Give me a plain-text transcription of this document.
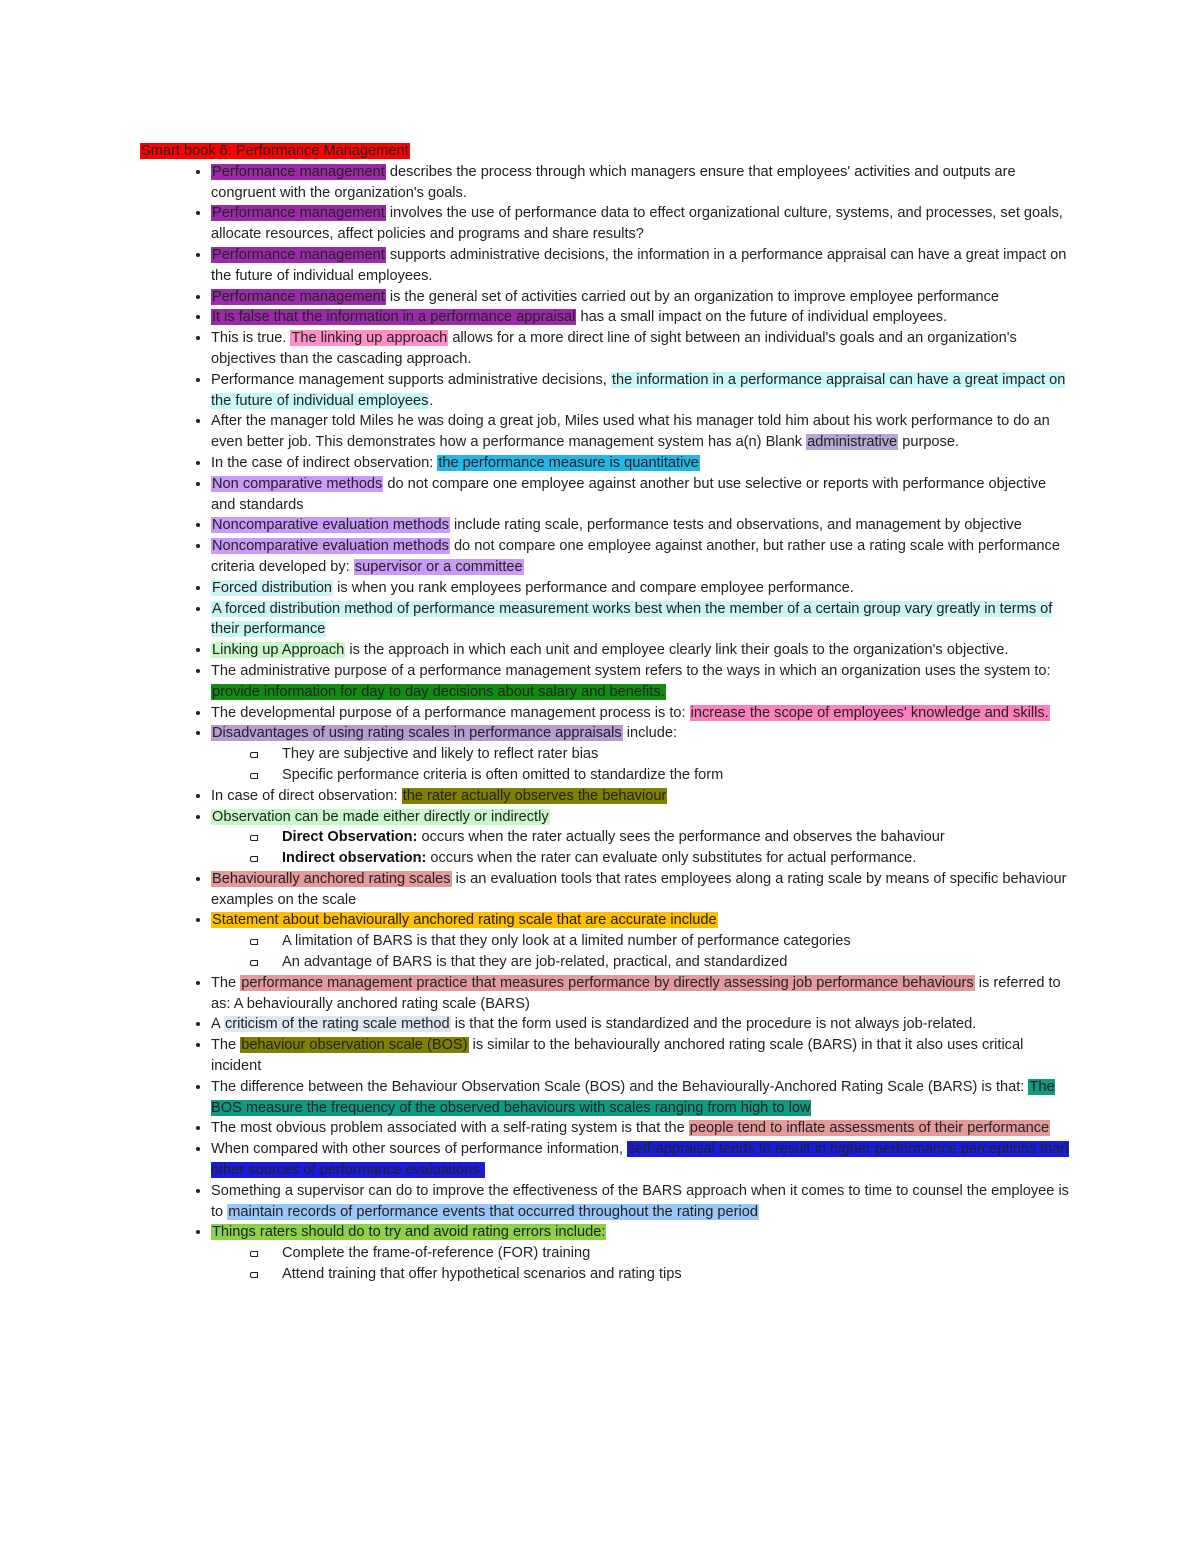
Smart book 6: Performance Management
• Performance management describes the process through which managers ensure that employees' activities and outputs are congruent with the organization's goals.
• Performance management involves the use of performance data to effect organizational culture, systems, and processes, set goals, allocate resources, affect policies and programs and share results?
• Performance management supports administrative decisions, the information in a performance appraisal can have a great impact on the future of individual employees.
• Performance management is the general set of activities carried out by an organization to improve employee performance
• It is false that the information in a performance appraisal has a small impact on the future of individual employees.
• This is true. The linking up approach allows for a more direct line of sight between an individual's goals and an organization's objectives than the cascading approach.
• Performance management supports administrative decisions, the information in a performance appraisal can have a great impact on the future of individual employees.
• After the manager told Miles he was doing a great job, Miles used what his manager told him about his work performance to do an even better job. This demonstrates how a performance management system has a(n) Blank administrative purpose.
• In the case of indirect observation: the performance measure is quantitative
• Non comparative methods do not compare one employee against another but use selective or reports with performance objective and standards
• Noncomparative evaluation methods include rating scale, performance tests and observations, and management by objective
• Noncomparative evaluation methods do not compare one employee against another, but rather use a rating scale with performance criteria developed by: supervisor or a committee
• Forced distribution is when you rank employees performance and compare employee performance.
• A forced distribution method of performance measurement works best when the member of a certain group vary greatly in terms of their performance
• Linking up Approach is the approach in which each unit and employee clearly link their goals to the organization's objective.
• The administrative purpose of a performance management system refers to the ways in which an organization uses the system to: provide information for day to day decisions about salary and benefits.
• The developmental purpose of a performance management process is to: increase the scope of employees' knowledge and skills.
• Disadvantages of using rating scales in performance appraisals include:
They are subjective and likely to reflect rater bias
Specific performance criteria is often omitted to standardize the form
• In case of direct observation: the rater actually observes the behaviour
• Observation can be made either directly or indirectly
Direct Observation: occurs when the rater actually sees the performance and observes the bahaviour
Indirect observation: occurs when the rater can evaluate only substitutes for actual performance.
• Behaviourally anchored rating scales is an evaluation tools that rates employees along a rating scale by means of specific behaviour examples on the scale
• Statement about behaviourally anchored rating scale that are accurate include
A limitation of BARS is that they only look at a limited number of performance categories
An advantage of BARS is that they are job-related, practical, and standardized
• The performance management practice that measures performance by directly assessing job performance behaviours is referred to as: A behaviourally anchored rating scale (BARS)
• A criticism of the rating scale method is that the form used is standardized and the procedure is not always job-related.
• The behaviour observation scale (BOS) is similar to the behaviourally anchored rating scale (BARS) in that it also uses critical incident
• The difference between the Behaviour Observation Scale (BOS) and the Behaviourally-Anchored Rating Scale (BARS) is that: The BOS measure the frequency of the observed behaviours with scales ranging from high to low
• The most obvious problem associated with a self-rating system is that the people tend to inflate assessments of their performance
• When compared with other sources of performance information, self-appraisal tends to result in higher performance perceptions than other sources of performance evaluations.
• Something a supervisor can do to improve the effectiveness of the BARS approach when it comes to time to counsel the employee is to maintain records of performance events that occurred throughout the rating period
• Things raters should do to try and avoid rating errors include:
Complete the frame-of-reference (FOR) training
Attend training that offer hypothetical scenarios and rating tips
